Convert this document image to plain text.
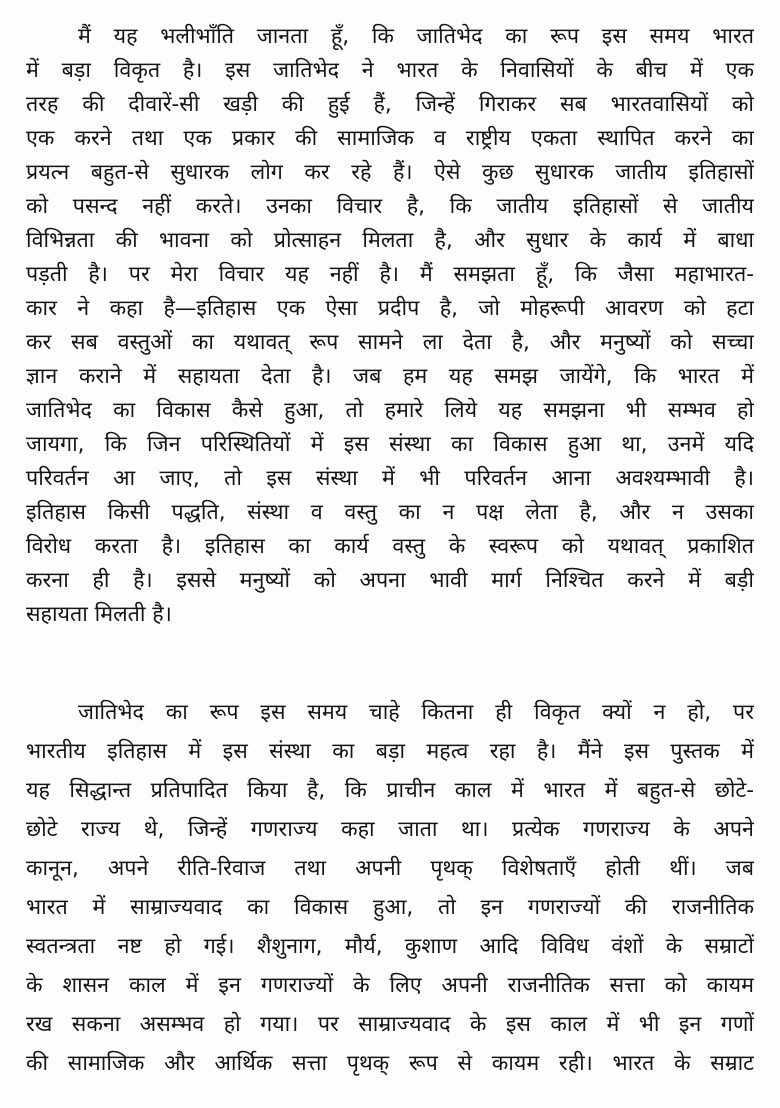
मैं यह भलीभाँति जानता हूँ, कि जातिभेद का रूप इस समय भारत
में बड़ा विकृत है। इस जातिभेद ने भारत के निवासियों के बीच में एक
तरह की दीवारें-सी खड़ी की हुई हैं, जिन्हें गिराकर सब भारतवासियों को
एक करने तथा एक प्रकार की सामाजिक व राष्ट्रीय एकता स्थापित करने का
प्रयत्न बहुत-से सुधारक लोग कर रहे हैं। ऐसे कुछ सुधारक जातीय इतिहासों
को पसन्द नहीं करते। उनका विचार है, कि जातीय इतिहासों से जातीय
विभिन्नता की भावना को प्रोत्साहन मिलता है, और सुधार के कार्य में बाधा
पड़ती है। पर मेरा विचार यह नहीं है। मैं समझता हूँ, कि जैसा महाभारत-
कार ने कहा है—इतिहास एक ऐसा प्रदीप है, जो मोहरूपी आवरण को हटा
कर सब वस्तुओं का यथावत् रूप सामने ला देता है, और मनुष्यों को सच्चा
ज्ञान कराने में सहायता देता है। जब हम यह समझ जायेंगे, कि भारत में
जातिभेद का विकास कैसे हुआ, तो हमारे लिये यह समझना भी सम्भव हो
जायगा, कि जिन परिस्थितियों में इस संस्था का विकास हुआ था, उनमें यदि
परिवर्तन आ जाए, तो इस संस्था में भी परिवर्तन आना अवश्यम्भावी है।
इतिहास किसी पद्धति, संस्था व वस्तु का न पक्ष लेता है, और न उसका
विरोध करता है। इतिहास का कार्य वस्तु के स्वरूप को यथावत् प्रकाशित
करना ही है। इससे मनुष्यों को अपना भावी मार्ग निश्चित करने में बड़ी
सहायता मिलती है।
जातिभेद का रूप इस समय चाहे कितना ही विकृत क्यों न हो, पर
भारतीय इतिहास में इस संस्था का बड़ा महत्व रहा है। मैंने इस पुस्तक में
यह सिद्धान्त प्रतिपादित किया है, कि प्राचीन काल में भारत में बहुत-से छोटे-
छोटे राज्य थे, जिन्हें गणराज्य कहा जाता था। प्रत्येक गणराज्य के अपने
कानून, अपने रीति-रिवाज तथा अपनी पृथक् विशेषताएँ होती थीं। जब
भारत में साम्राज्यवाद का विकास हुआ, तो इन गणराज्यों की राजनीतिक
स्वतन्त्रता नष्ट हो गई। शैशुनाग, मौर्य, कुशाण आदि विविध वंशों के सम्राटों
के शासन काल में इन गणराज्यों के लिए अपनी राजनीतिक सत्ता को कायम
रख सकना असम्भव हो गया। पर साम्राज्यवाद के इस काल में भी इन गणों
की सामाजिक और आर्थिक सत्ता पृथक् रूप से कायम रही। भारत के सम्राट
